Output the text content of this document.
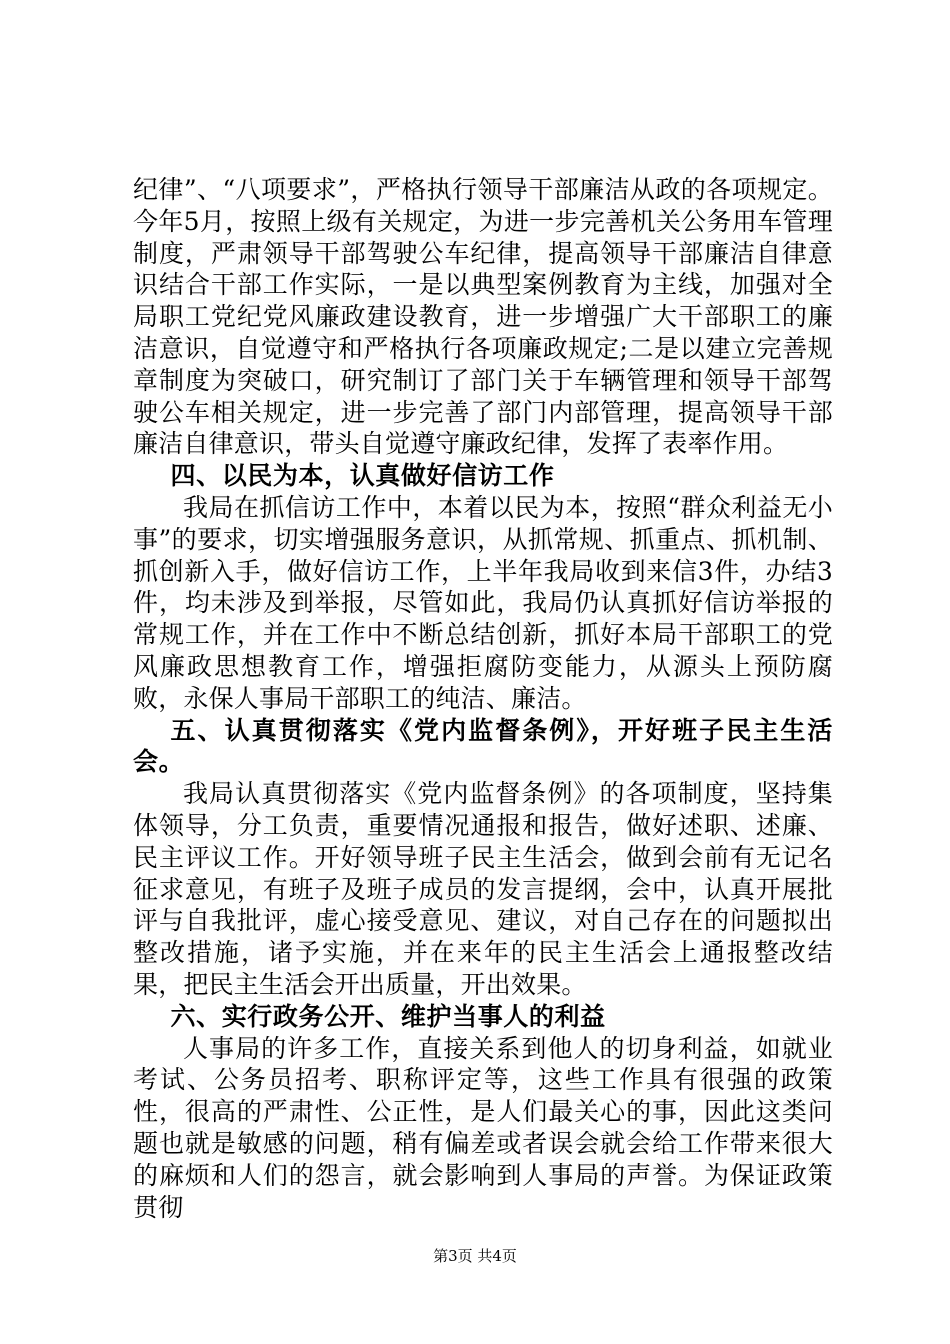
纪律”、“八项要求”，严格执行领导干部廉洁从政的各项规定。今年5月，按照上级有关规定，为进一步完善机关公务用车管理制度，严肃领导干部驾驶公车纪律，提高领导干部廉洁自律意识结合干部工作实际，一是以典型案例教育为主线，加强对全局职工党纪党风廉政建设教育，进一步增强广大干部职工的廉洁意识，自觉遵守和严格执行各项廉政规定;二是以建立完善规章制度为突破口，研究制订了部门关于车辆管理和领导干部驾驶公车相关规定，进一步完善了部门内部管理，提高领导干部廉洁自律意识，带头自觉遵守廉政纪律，发挥了表率作用。

四、以民为本，认真做好信访工作

我局在抓信访工作中，本着以民为本，按照“群众利益无小事”的要求，切实增强服务意识，从抓常规、抓重点、抓机制、抓创新入手，做好信访工作，上半年我局收到来信3件，办结3件，均未涉及到举报，尽管如此，我局仍认真抓好信访举报的常规工作，并在工作中不断总结创新，抓好本局干部职工的党风廉政思想教育工作，增强拒腐防变能力，从源头上预防腐败，永保人事局干部职工的纯洁、廉洁。

五、认真贯彻落实《党内监督条例》，开好班子民主生活会。

我局认真贯彻落实《党内监督条例》的各项制度，坚持集体领导，分工负责，重要情况通报和报告，做好述职、述廉、民主评议工作。开好领导班子民主生活会，做到会前有无记名征求意见，有班子及班子成员的发言提纲，会中，认真开展批评与自我批评，虚心接受意见、建议，对自己存在的问题拟出整改措施，诸予实施，并在来年的民主生活会上通报整改结果，把民主生活会开出质量，开出效果。

六、实行政务公开、维护当事人的利益

人事局的许多工作，直接关系到他人的切身利益，如就业考试、公务员招考、职称评定等，这些工作具有很强的政策性，很高的严肃性、公正性，是人们最关心的事，因此这类问题也就是敏感的问题，稍有偏差或者误会就会给工作带来很大的麻烦和人们的怨言，就会影响到人事局的声誉。为保证政策贯彻

第3页 共4页
